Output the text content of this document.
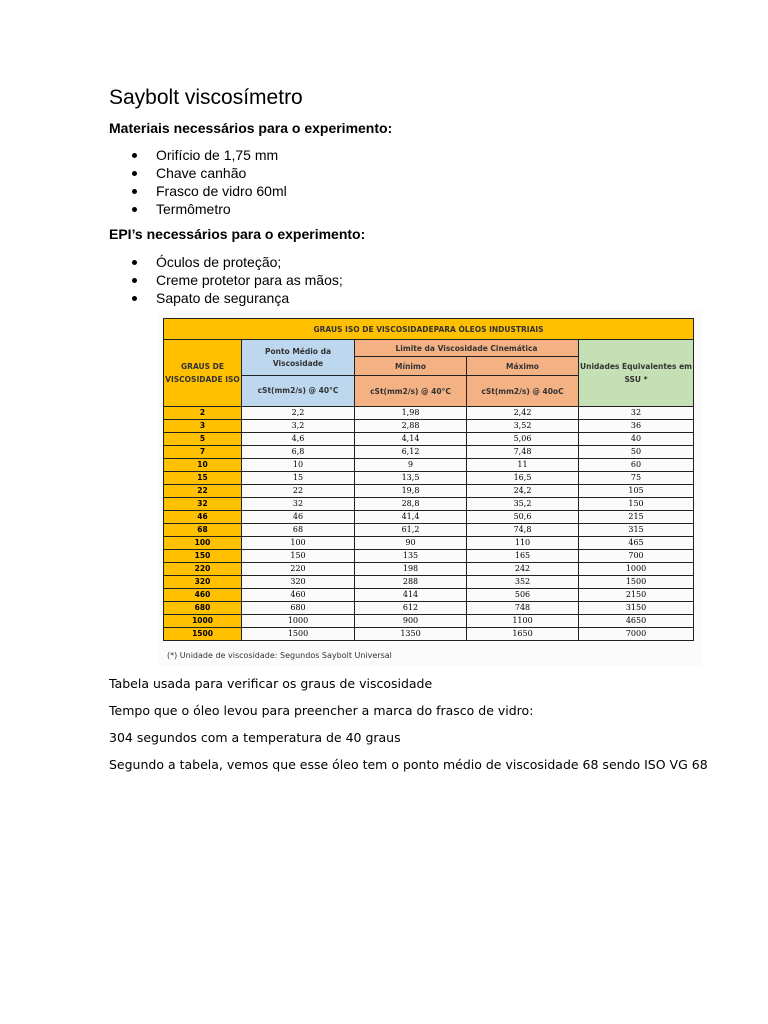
Saybolt viscosímetro
Materiais necessários para o experimento:
Orifício de 1,75 mm
Chave canhão
Frasco de vidro 60ml
Termômetro
EPI’s necessários para o experimento:
Óculos de proteção;
Creme protetor para as mãos;
Sapato de segurança
GRAUS ISO DE VISCOSIDADEPARA ÓLEOS INDUSTRIAIS				
GRAUS DE VISCOSIDADE ISO	Ponto Médio da Viscosidade	Limite da Viscosidade Cinemática		Unidades Equivalentes em SSU *
		Mínimo	Máximo	
	cSt(mm2/s) @ 40°C	cSt(mm2/s) @ 40°C	cSt(mm2/s) @ 40oC	
2	2,2	1,98	2,42	32
3	3,2	2,88	3,52	36
5	4,6	4,14	5,06	40
7	6,8	6,12	7,48	50
10	10	9	11	60
15	15	13,5	16,5	75
22	22	19,8	24,2	105
32	32	28,8	35,2	150
46	46	41,4	50,6	215
68	68	61,2	74,8	315
100	100	90	110	465
150	150	135	165	700
220	220	198	242	1000
320	320	288	352	1500
460	460	414	506	2150
680	680	612	748	3150
1000	1000	900	1100	4650
1500	1500	1350	1650	7000
(*) Unidade de viscosidade: Segundos Saybolt Universal

Tabela usada para verificar os graus de viscosidade

Tempo que o óleo levou para preencher a marca do frasco de vidro:

304 segundos com a temperatura de 40 graus

Segundo a tabela, vemos que esse óleo tem o ponto médio de viscosidade 68 sendo ISO VG 68
